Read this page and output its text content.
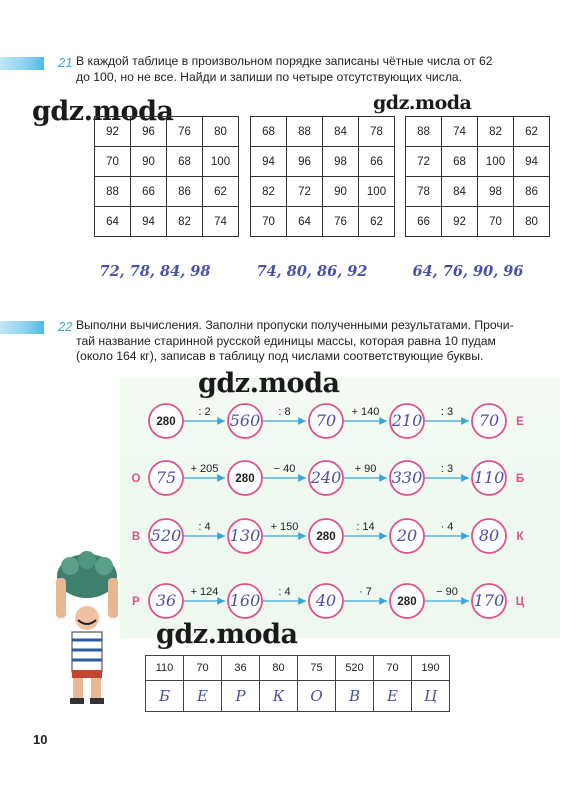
21 В каждой таблице в произвольном порядке записаны чётные числа от 62
до 100, но не все. Найди и запиши по четыре отсутствующих числа.
gdz.moda	gdz.moda
92	96	76	80
70	90	68	100
88	66	86	62
64	94	82	74
68	88	84	78
94	96	98	66
82	72	90	100
70	64	76	62
88	74	82	62
72	68	100	94
78	84	98	86
66	92	70	80
72, 78, 84, 98	74, 80, 86, 92	64, 76, 90, 96
22 Выполни вычисления. Заполни пропуски полученными результатами. Прочи-
тай название старинной русской единицы массы, которая равна 10 пудам
(около 164 кг), записав в таблицу под числами соответствующие буквы.
gdz.moda
: 2	: 8	+ 140	: 3
280	560	70	210	70 Е
О
+ 205	− 40	+ 90	: 3
75	280	240	330	110 Б
В
: 4	+ 150	: 14	· 4
520	130	280	20	80 К
Р
+ 124	: 4	· 7	− 90
36	160	40	280	170 Ц
gdz.moda
110	70	36	80	75	520	70	190
Б	Е	Р	К	О	В	Е	Ц
10
